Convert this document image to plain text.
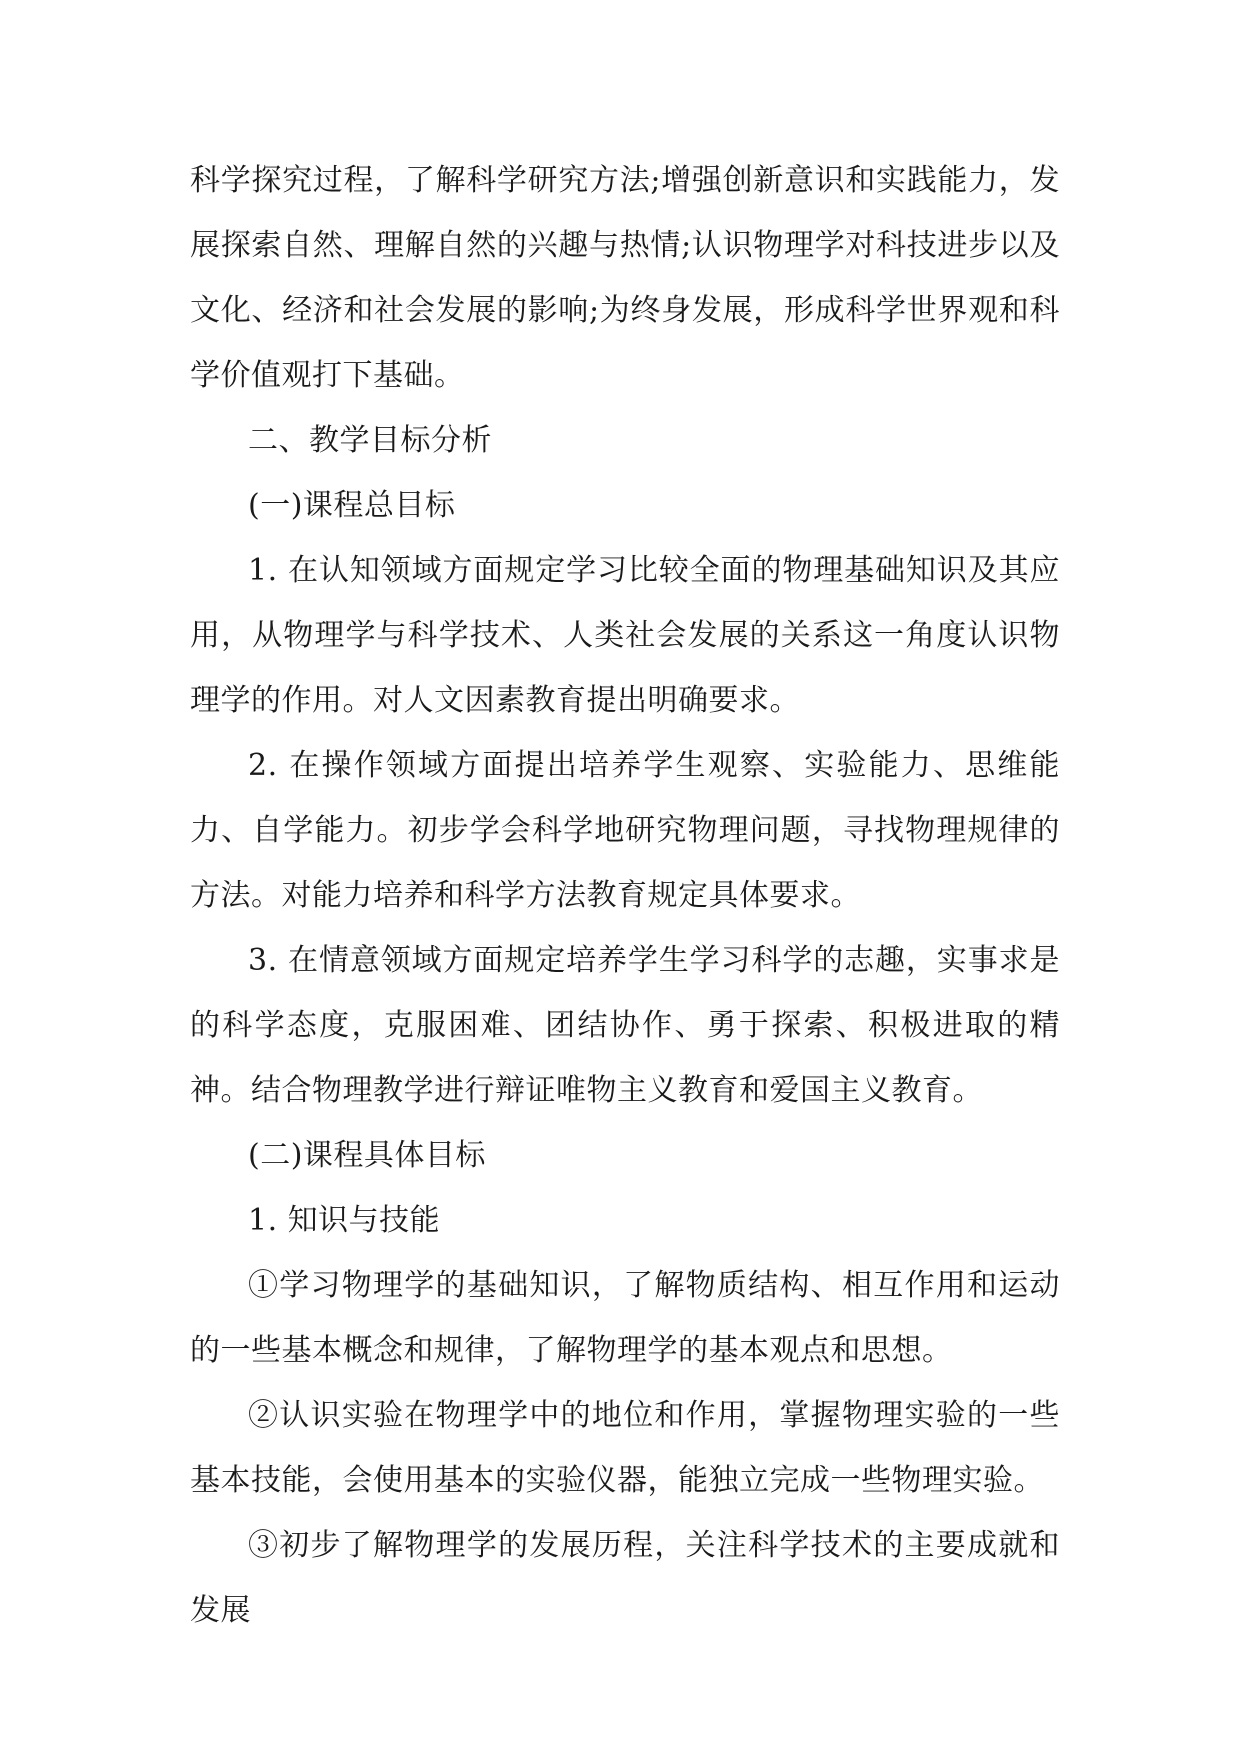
科学探究过程，了解科学研究方法;增强创新意识和实践能力，发展探索自然、理解自然的兴趣与热情;认识物理学对科技进步以及文化、经济和社会发展的影响;为终身发展，形成科学世界观和科学价值观打下基础。

二、教学目标分析

(一)课程总目标

1. 在认知领域方面规定学习比较全面的物理基础知识及其应用，从物理学与科学技术、人类社会发展的关系这一角度认识物理学的作用。对人文因素教育提出明确要求。

2. 在操作领域方面提出培养学生观察、实验能力、思维能力、自学能力。初步学会科学地研究物理问题，寻找物理规律的方法。对能力培养和科学方法教育规定具体要求。

3. 在情意领域方面规定培养学生学习科学的志趣，实事求是的科学态度，克服困难、团结协作、勇于探索、积极进取的精神。结合物理教学进行辩证唯物主义教育和爱国主义教育。

(二)课程具体目标

1. 知识与技能

①学习物理学的基础知识，了解物质结构、相互作用和运动的一些基本概念和规律，了解物理学的基本观点和思想。

②认识实验在物理学中的地位和作用，掌握物理实验的一些基本技能，会使用基本的实验仪器，能独立完成一些物理实验。

③初步了解物理学的发展历程，关注科学技术的主要成就和发展
